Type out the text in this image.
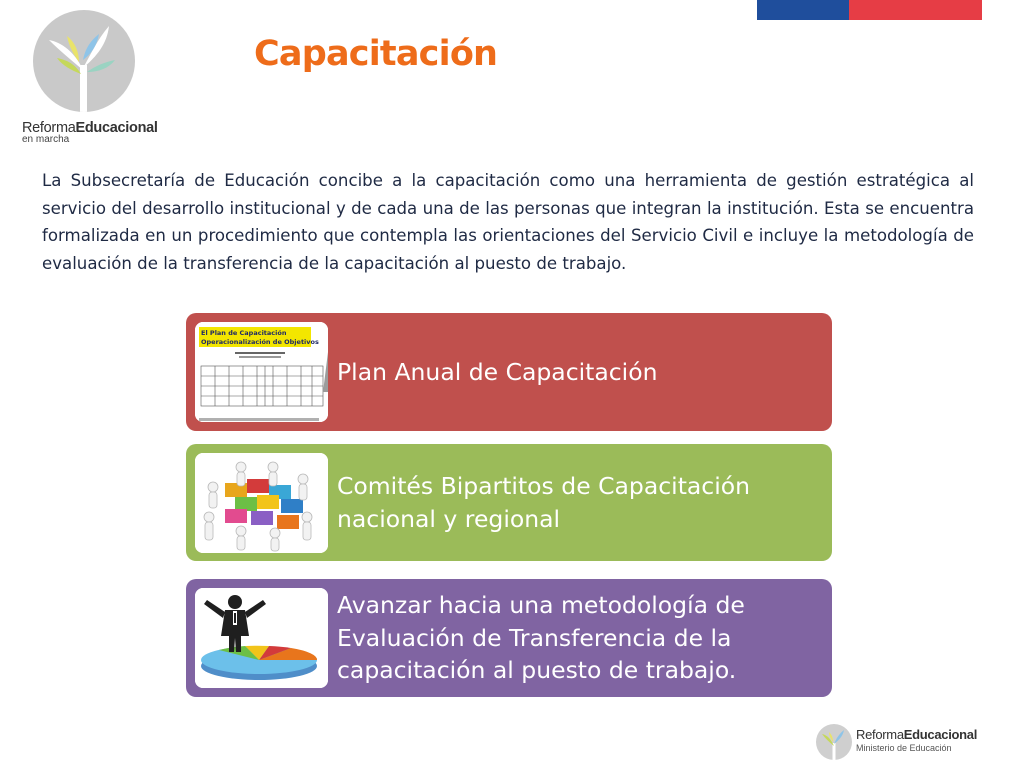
ReformaEducacional
en marcha
Capacitación

La Subsecretaría de Educación concibe a la capacitación como una herramienta de gestión estratégica al servicio del desarrollo institucional y de cada una de las personas que integran la institución. Esta se encuentra formalizada en un procedimiento que contempla las orientaciones del Servicio Civil e incluye la metodología de evaluación de la transferencia de la capacitación al puesto de trabajo.

El Plan de Capacitación
Operacionalización de Objetivos
Plan Anual de Capacitación
Comités Bipartitos de Capacitación nacional y regional
Avanzar hacia una metodología de Evaluación de Transferencia de la capacitación al puesto de trabajo.
ReformaEducacional
Ministerio de Educación
